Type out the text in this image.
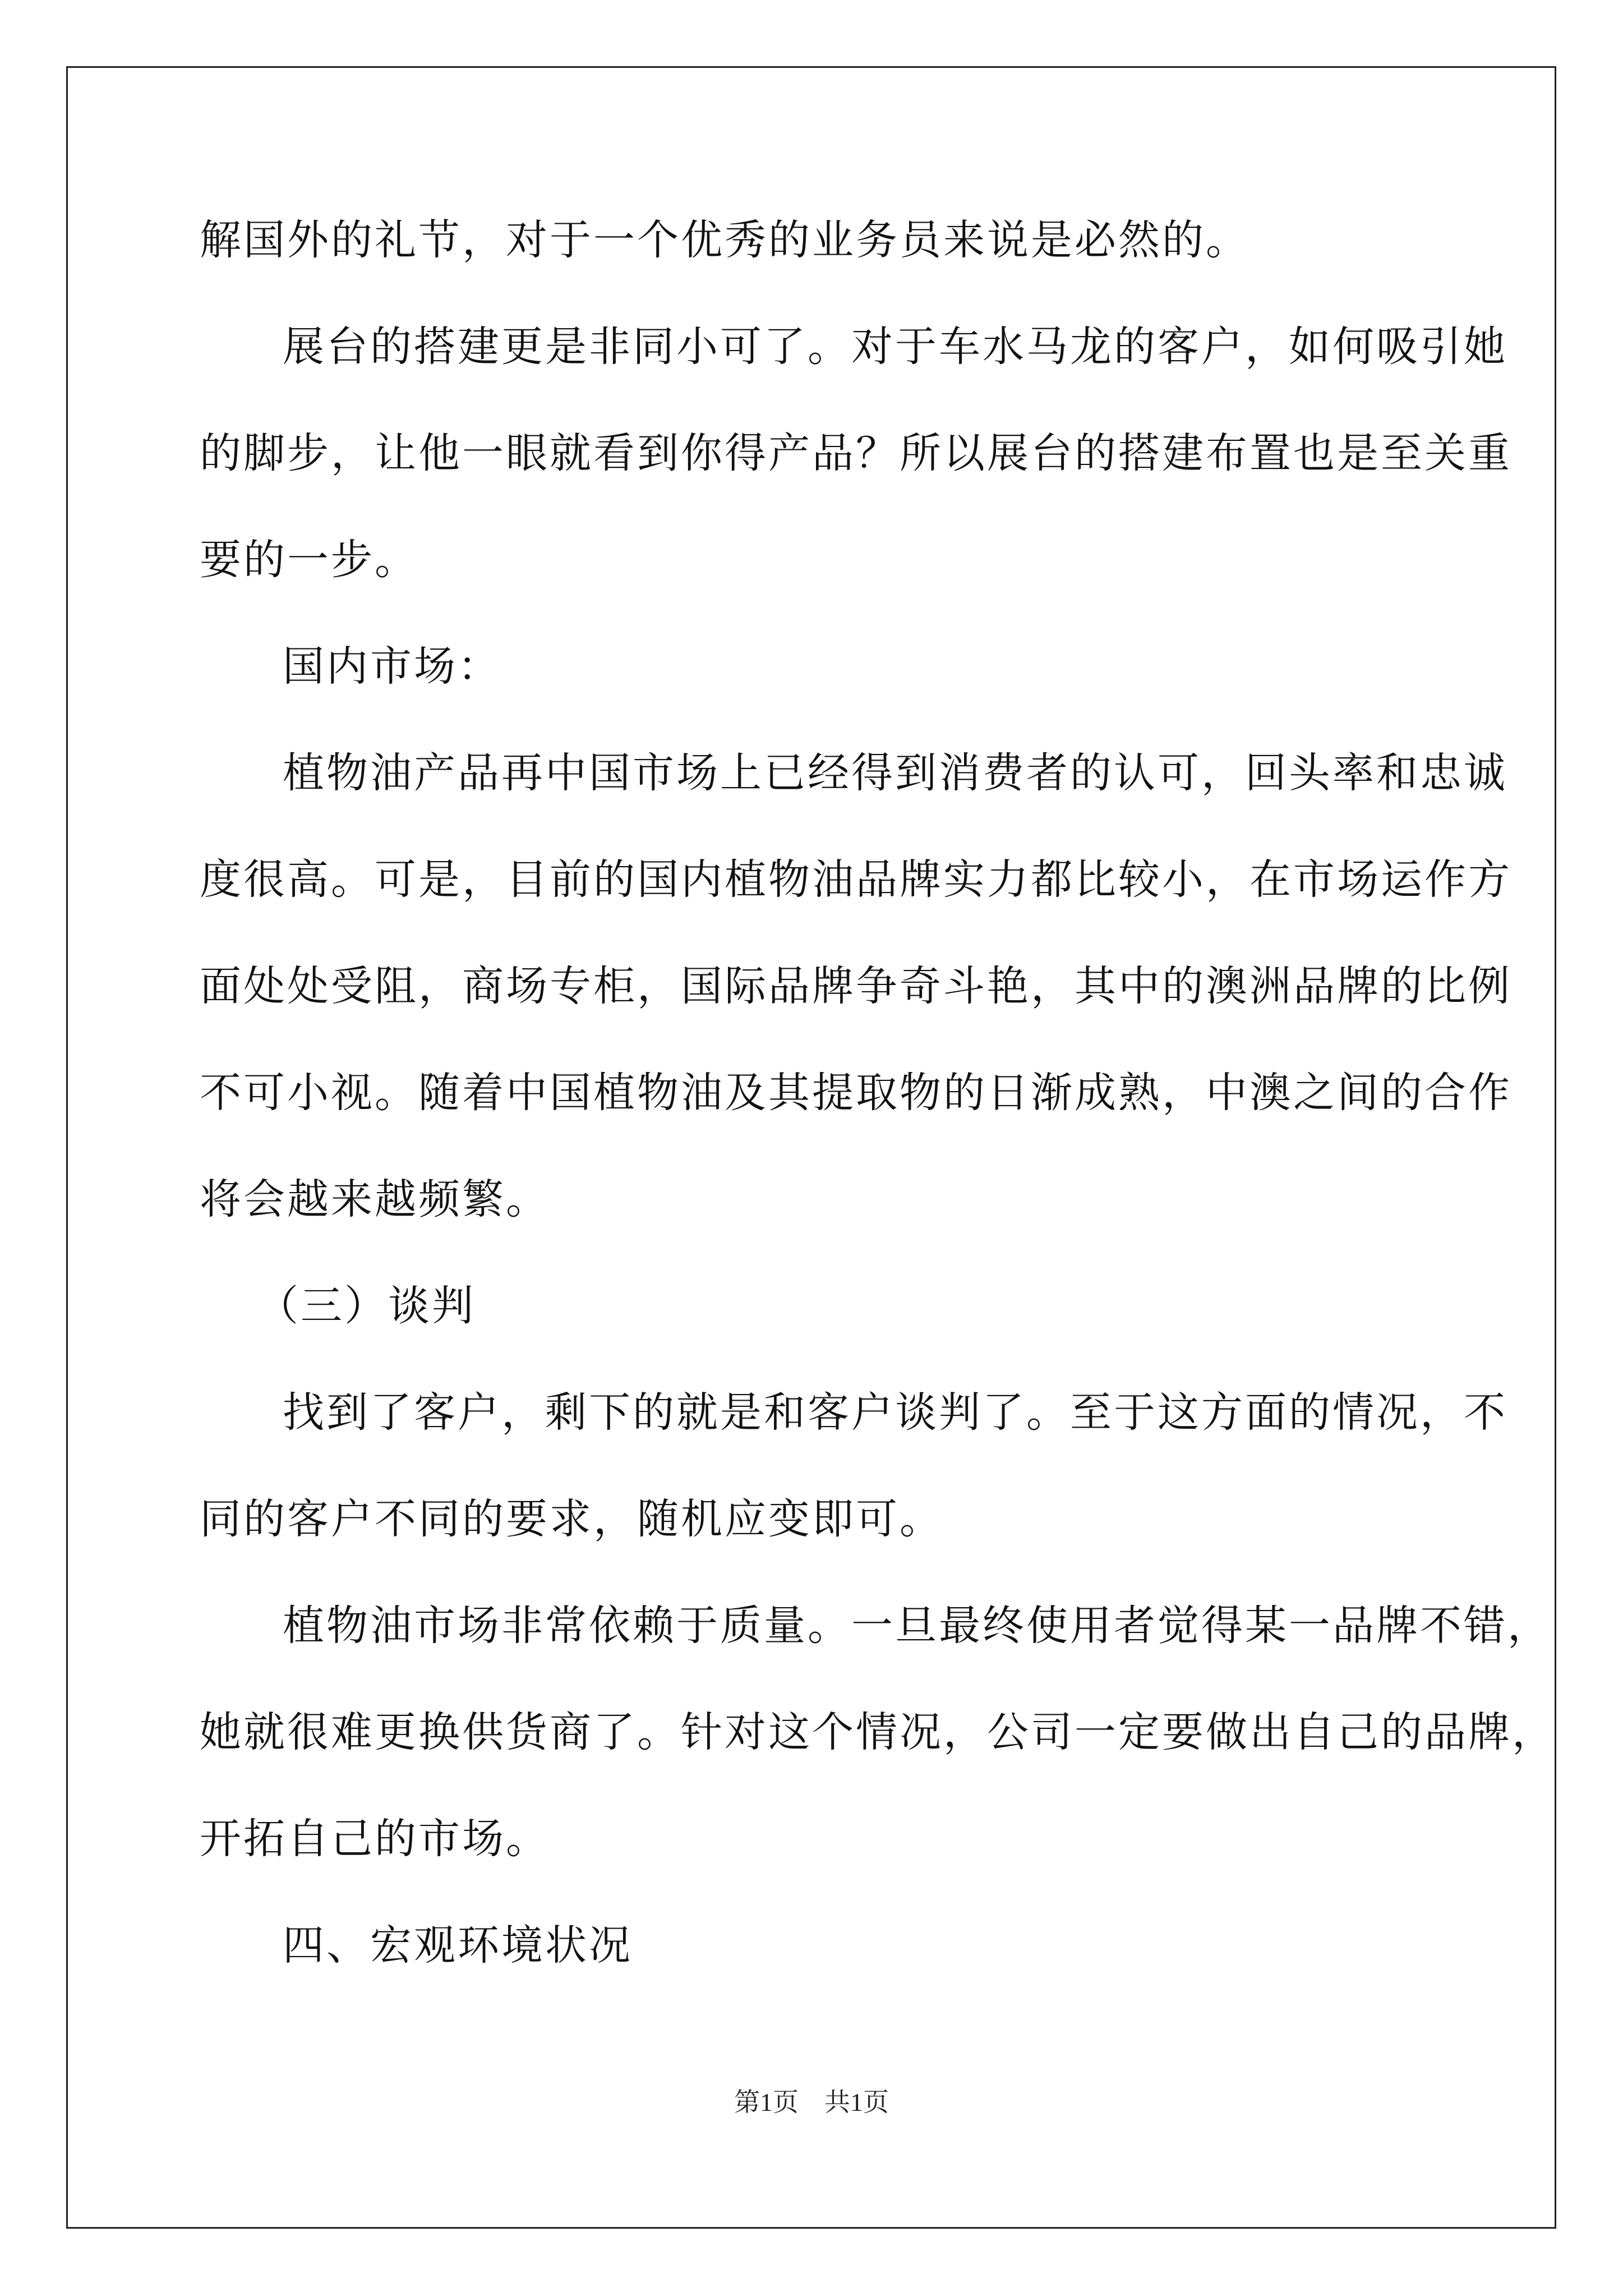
解国外的礼节，对于一个优秀的业务员来说是必然的。
展台的搭建更是非同小可了。对于车水马龙的客户，如何吸引她
的脚步，让他一眼就看到你得产品？所以展台的搭建布置也是至关重
要的一步。
国内市场：
植物油产品再中国市场上已经得到消费者的认可，回头率和忠诚
度很高。可是，目前的国内植物油品牌实力都比较小，在市场运作方
面处处受阻，商场专柜，国际品牌争奇斗艳，其中的澳洲品牌的比例
不可小视。随着中国植物油及其提取物的日渐成熟，中澳之间的合作
将会越来越频繁。
（三）谈判
找到了客户，剩下的就是和客户谈判了。至于这方面的情况，不
同的客户不同的要求，随机应变即可。
植物油市场非常依赖于质量。一旦最终使用者觉得某一品牌不错，
她就很难更换供货商了。针对这个情况，公司一定要做出自己的品牌，
开拓自己的市场。
四、宏观环境状况
第1页　共1页
